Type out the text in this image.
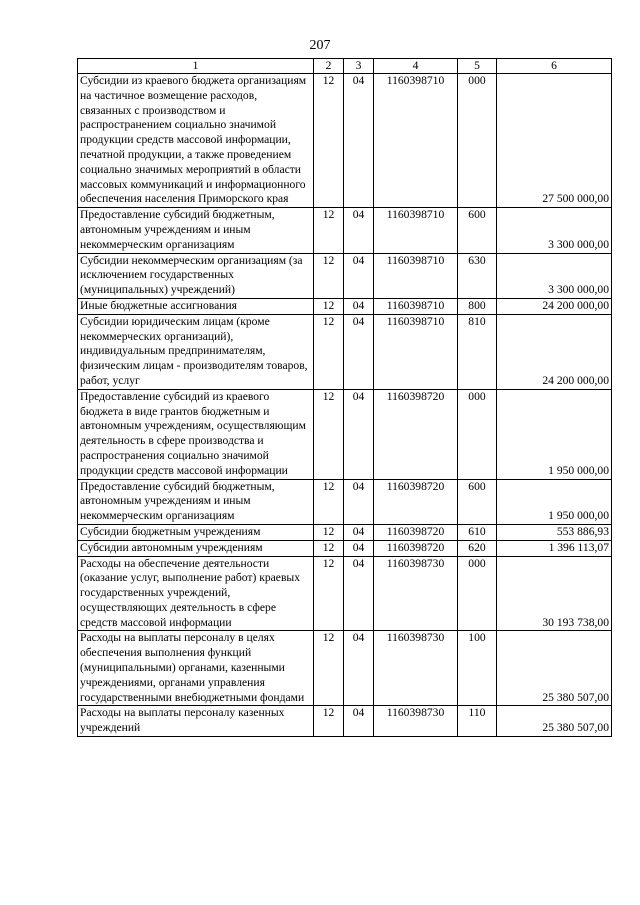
207
1	2	3	4	5	6
Субсидии из краевого бюджета организациям на частичное возмещение расходов, связанных с производством и распространением социально значимой продукции средств массовой информации, печатной продукции, а также проведением социально значимых мероприятий в области массовых коммуникаций и информационного обеспечения населения Приморского края	12	04	1160398710	000	27 500 000,00
Предоставление субсидий бюджетным, автономным учреждениям и иным некоммерческим организациям	12	04	1160398710	600	3 300 000,00
Субсидии некоммерческим организациям (за исключением государственных (муниципальных) учреждений)	12	04	1160398710	630	3 300 000,00
Иные бюджетные ассигнования	12	04	1160398710	800	24 200 000,00
Субсидии юридическим лицам (кроме некоммерческих организаций), индивидуальным предпринимателям, физическим лицам - производителям товаров, работ, услуг	12	04	1160398710	810	24 200 000,00
Предоставление субсидий из краевого бюджета в виде грантов бюджетным и автономным учреждениям, осуществляющим деятельность в сфере производства и распространения социально значимой продукции средств массовой информации	12	04	1160398720	000	1 950 000,00
Предоставление субсидий бюджетным, автономным учреждениям и иным некоммерческим организациям	12	04	1160398720	600	1 950 000,00
Субсидии бюджетным учреждениям	12	04	1160398720	610	553 886,93
Субсидии автономным учреждениям	12	04	1160398720	620	1 396 113,07
Расходы на обеспечение деятельности (оказание услуг, выполнение работ) краевых государственных учреждений, осуществляющих деятельность в сфере средств массовой информации	12	04	1160398730	000	30 193 738,00
Расходы на выплаты персоналу в целях обеспечения выполнения функций (муниципальными) органами, казенными учреждениями, органами управления государственными внебюджетными фондами	12	04	1160398730	100	25 380 507,00
Расходы на выплаты персоналу казенных учреждений	12	04	1160398730	110	25 380 507,00
